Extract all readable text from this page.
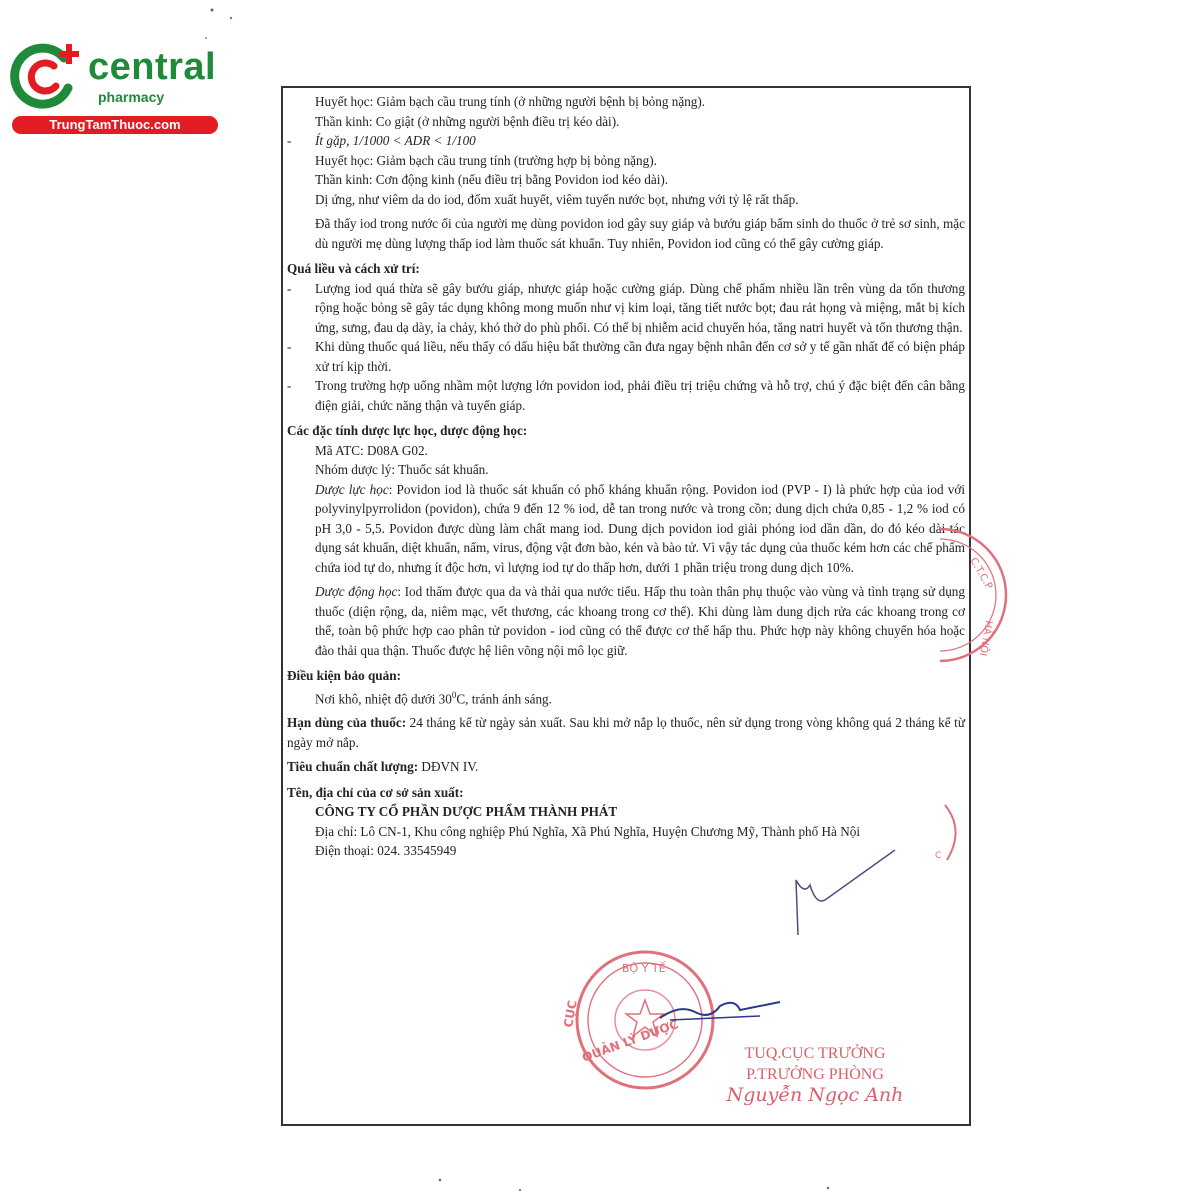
central
pharmacy
TrungTamThuoc.com

Huyết học: Giảm bạch cầu trung tính (ở những người bệnh bị bỏng nặng).

Thần kinh: Co giật (ở những người bệnh điều trị kéo dài).

- Ít gặp, 1/1000 < ADR < 1/100

Huyết học: Giảm bạch cầu trung tính (trường hợp bị bỏng nặng).

Thần kinh: Cơn động kinh (nếu điều trị bằng Povidon iod kéo dài).

Dị ứng, như viêm da do iod, đốm xuất huyết, viêm tuyến nước bọt, nhưng với tỷ lệ rất thấp.

Đã thấy iod trong nước ối của người mẹ dùng povidon iod gây suy giáp và bướu giáp bẩm sinh do thuốc ở trẻ sơ sinh, mặc dù người mẹ dùng lượng thấp iod làm thuốc sát khuẩn. Tuy nhiên, Povidon iod cũng có thể gây cường giáp.

Quá liều và cách xử trí:

- Lượng iod quá thừa sẽ gây bướu giáp, nhược giáp hoặc cường giáp. Dùng chế phẩm nhiều lần trên vùng da tổn thương rộng hoặc bỏng sẽ gây tác dụng không mong muốn như vị kim loại, tăng tiết nước bọt; đau rát họng và miệng, mắt bị kích ứng, sưng, đau dạ dày, ỉa chảy, khó thở do phù phổi. Có thể bị nhiễm acid chuyển hóa, tăng natri huyết và tổn thương thận.

- Khi dùng thuốc quá liều, nếu thấy có dấu hiệu bất thường cần đưa ngay bệnh nhân đến cơ sở y tế gần nhất để có biện pháp xử trí kịp thời.

- Trong trường hợp uống nhầm một lượng lớn povidon iod, phải điều trị triệu chứng và hỗ trợ, chú ý đặc biệt đến cân bằng điện giải, chức năng thận và tuyến giáp.

Các đặc tính dược lực học, dược động học:

Mã ATC: D08A G02.

Nhóm dược lý: Thuốc sát khuẩn.

Dược lực học: Povidon iod là thuốc sát khuẩn có phổ kháng khuẩn rộng. Povidon iod (PVP - I) là phức hợp của iod với polyvinylpyrrolidon (povidon), chứa 9 đến 12 % iod, dễ tan trong nước và trong cồn; dung dịch chứa 0,85 - 1,2 % iod có pH 3,0 - 5,5. Povidon được dùng làm chất mang iod. Dung dịch povidon iod giải phóng iod dần dần, do đó kéo dài tác dụng sát khuẩn, diệt khuẩn, nấm, virus, động vật đơn bào, kén và bào tử. Vì vậy tác dụng của thuốc kém hơn các chế phẩm chứa iod tự do, nhưng ít độc hơn, vì lượng iod tự do thấp hơn, dưới 1 phần triệu trong dung dịch 10%.

Dược động học: Iod thấm được qua da và thải qua nước tiểu. Hấp thu toàn thân phụ thuộc vào vùng và tình trạng sử dụng thuốc (diện rộng, da, niêm mạc, vết thương, các khoang trong cơ thể). Khi dùng làm dung dịch rửa các khoang trong cơ thể, toàn bộ phức hợp cao phân tử povidon - iod cũng có thể được cơ thể hấp thu. Phức hợp này không chuyển hóa hoặc đào thải qua thận. Thuốc được hệ liên võng nội mô lọc giữ.

Điều kiện bảo quản:

Nơi khô, nhiệt độ dưới $30^0C$, tránh ánh sáng.

Hạn dùng của thuốc: 24 tháng kể từ ngày sản xuất. Sau khi mở nắp lọ thuốc, nên sử dụng trong vòng không quá 2 tháng kể từ ngày mở nắp.

Tiêu chuẩn chất lượng: DĐVN IV.

Tên, địa chỉ của cơ sở sản xuất:

CÔNG TY CỔ PHẦN DƯỢC PHẨM THÀNH PHÁT

Địa chỉ: Lô CN-1, Khu công nghiệp Phú Nghĩa, Xã Phú Nghĩa, Huyện Chương Mỹ, Thành phố Hà Nội

Điện thoại: 024. 33545949

C.T.C.P
HÀ NỘI
C
BỘ Y TẾ
QUẢN LÝ DƯỢC
CỤC
TUQ.CỤC TRƯỞNG
P.TRƯỞNG PHÒNG
Nguyễn Ngọc Anh
